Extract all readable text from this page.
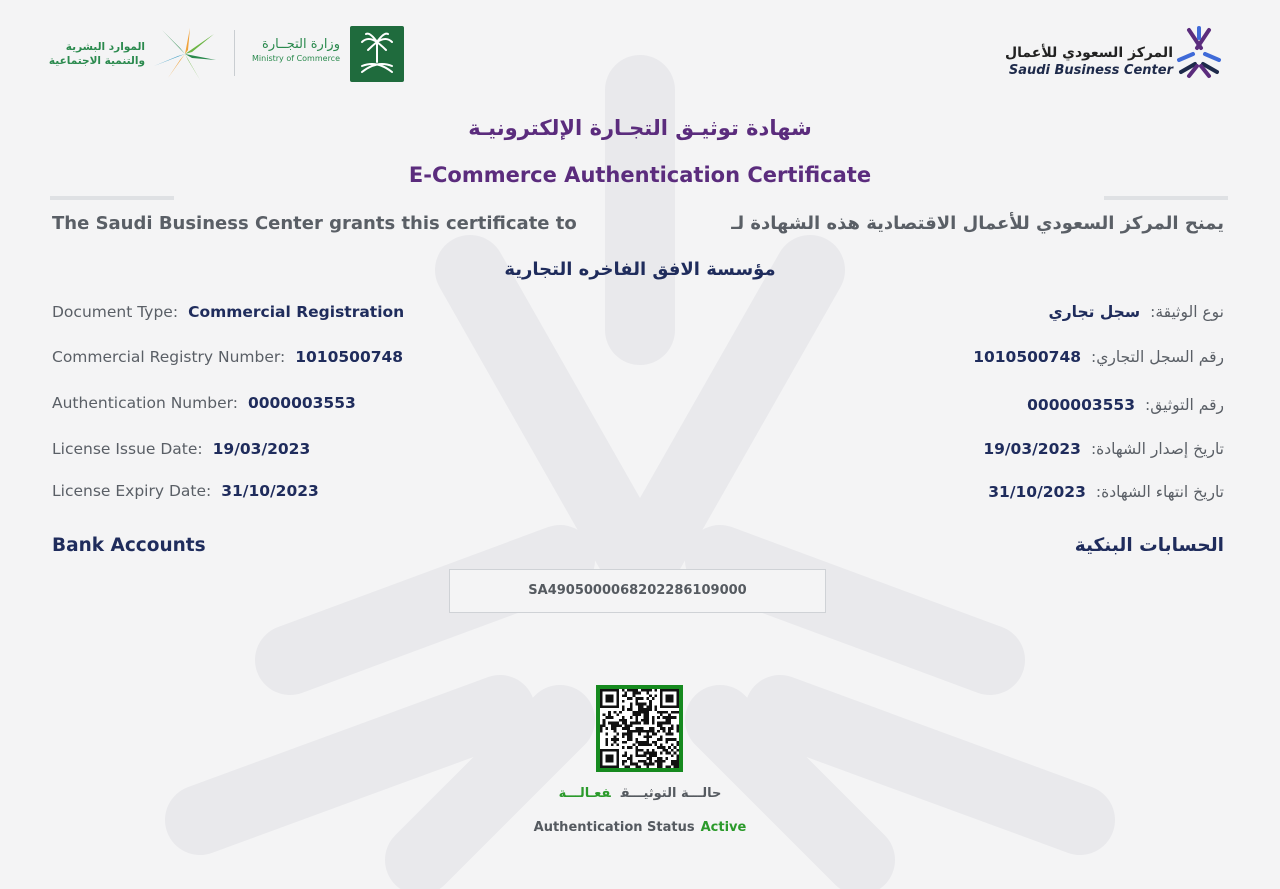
المركز السعودي للأعمال
Saudi Business Center
الموارد البشرية
والتنمية الاجتماعية
وزارة التجــارة
Ministry of Commerce
شهادة توثيـق التجـارة الإلكترونيـة
E-Commerce Authentication Certificate
The Saudi Business Center grants this certificate to	يمنح المركز السعودي للأعمال الاقتصادية هذه الشهادة لـ
مؤسسة الافق الفاخره التجارية
Document Type: Commercial Registration
Commercial Registry Number: 1010500748
Authentication Number: 0000003553
License Issue Date: 19/03/2023
License Expiry Date: 31/10/2023
نوع الوثيقة:سجل تجاري
رقم السجل التجاري:1010500748
رقم التوثيق:0000003553
تاريخ إصدار الشهادة:19/03/2023
تاريخ انتهاء الشهادة:31/10/2023
Bank Accounts	الحسابات البنكية
SA4905000068202286109000
حالـــة التوثيـــقفعـالـــة
Authentication Status Active
